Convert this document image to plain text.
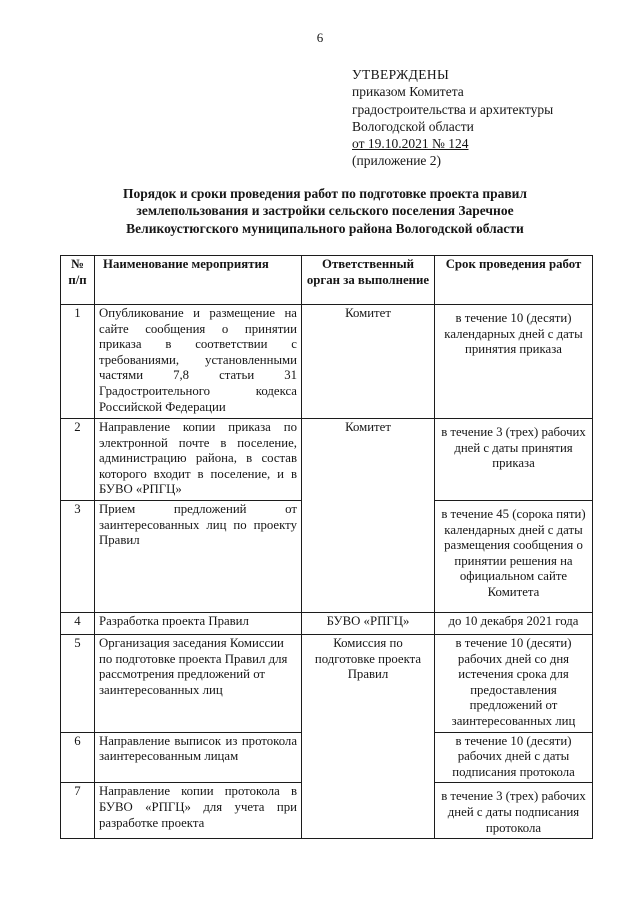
6
УТВЕРЖДЕНЫ
приказом Комитета
градостроительства и архитектуры
Вологодской области
от 19.10.2021 № 124
(приложение 2)
Порядок и сроки проведения работ по подготовке проекта правил
землепользования и застройки сельского поселения Заречное
Великоустюгского муниципального района Вологодской области
№ п/п	Наименование мероприятия	Ответственный орган за выполнение	Срок проведения работ
1	Опубликование и размещение на сайте сообщения о принятии приказа в соответствии с требованиями, установленными частями 7,8 статьи 31 Градостроительного кодекса Российской Федерации	Комитет	в течение 10 (десяти) календарных дней с даты принятия приказа
2	Направление копии приказа по электронной почте в поселение, администрацию района, в состав которого входит в поселение, и в БУВО «РПГЦ»	Комитет	в течение 3 (трех) рабочих дней с даты принятия приказа
3	Прием предложений от заинтересованных лиц по проекту Правил		в течение 45 (сорока пяти) календарных дней с даты размещения сообщения о принятии решения на официальном сайте Комитета
4	Разработка проекта Правил	БУВО «РПГЦ»	до 10 декабря 2021 года
5	Организация заседания Комиссии по подготовке проекта Правил для рассмотрения предложений от заинтересованных лиц	Комиссия по подготовке проекта Правил	в течение 10 (десяти) рабочих дней со дня истечения срока для предоставления предложений от заинтересованных лиц
6	Направление выписок из протокола заинтересованным лицам		в течение 10 (десяти) рабочих дней с даты подписания протокола
7	Направление копии протокола в БУВО «РПГЦ» для учета при разработке проекта		в течение 3 (трех) рабочих дней с даты подписания протокола
